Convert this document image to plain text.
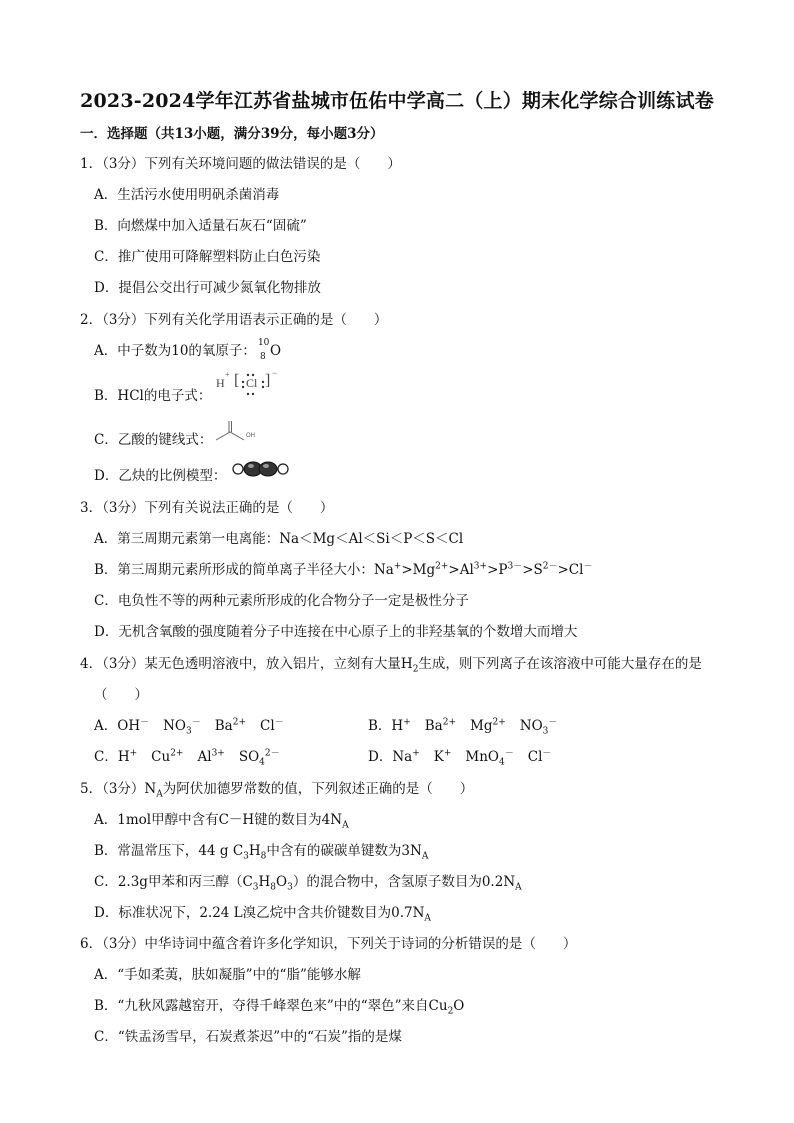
2023-2024学年江苏省盐城市伍佑中学高二（上）期末化学综合训练试卷
一．选择题（共13小题，满分39分，每小题3分）
1．（3分）下列有关环境问题的做法错误的是（　　）
A．生活污水使用明矾杀菌消毒
B．向燃煤中加入适量石灰石“固硫”
C．推广使用可降解塑料防止白色污染
D．提倡公交出行可减少氮氧化物排放
2．（3分）下列有关化学用语表示正确的是（　　）
A．中子数为10的氧原子： 10
8 O
B．HCl的电子式：
H
+ [ Cl ] −
C．乙酸的键线式：	OH
D．乙炔的比例模型：
3．（3分）下列有关说法正确的是（　　）
A．第三周期元素第一电离能：Na＜Mg＜Al＜Si＜P＜S＜Cl
B．第三周期元素所形成的简单离子半径大小：$Na^+>Mg^{2+}>Al^{3+}>P^{3-}>S^{2-}>Cl^-$
C．电负性不等的两种元素所形成的化合物分子一定是极性分子
D．无机含氧酸的强度随着分子中连接在中心原子上的非羟基氧的个数增大而增大
4．（3分）某无色透明溶液中，放入铝片，立刻有大量$H_2$生成，则下列离子在该溶液中可能大量存在的是
（　　）
A．OH－ $NO_3^-$ $Ba^{2+}$ Cl－	B．H+ $Ba^{2+}$ $Mg^{2+}$ $NO_3^-$
C．H+ $Cu^{2+}$ $Al^{3+}$ $SO_4^{2-}$	D．Na+ K+ MnO$_4$－ Cl－
5．（3分）$N_A$为阿伏加德罗常数的值，下列叙述正确的是（　　）
A．1mol甲醇中含有C－H键的数目为$4N_A$
B．常温常压下，44 g $C_3H_8$中含有的碳碳单键数为$3N_A$
C．2.3g甲苯和丙三醇$(C_3H_8O_3)$的混合物中，含氢原子数目为$0.2N_A$
D．标准状况下，2.24 L溴乙烷中含共价键数目为$0.7N_A$
6．（3分）中华诗词中蕴含着许多化学知识，下列关于诗词的分析错误的是（　　）
A．“手如柔荑，肤如凝脂”中的“脂”能够水解
B．“九秋风露越窑开，夺得千峰翠色来”中的“翠色”来自$Cu_2O$
C．“铁盂汤雪早，石炭煮茶迟”中的“石炭”指的是煤
